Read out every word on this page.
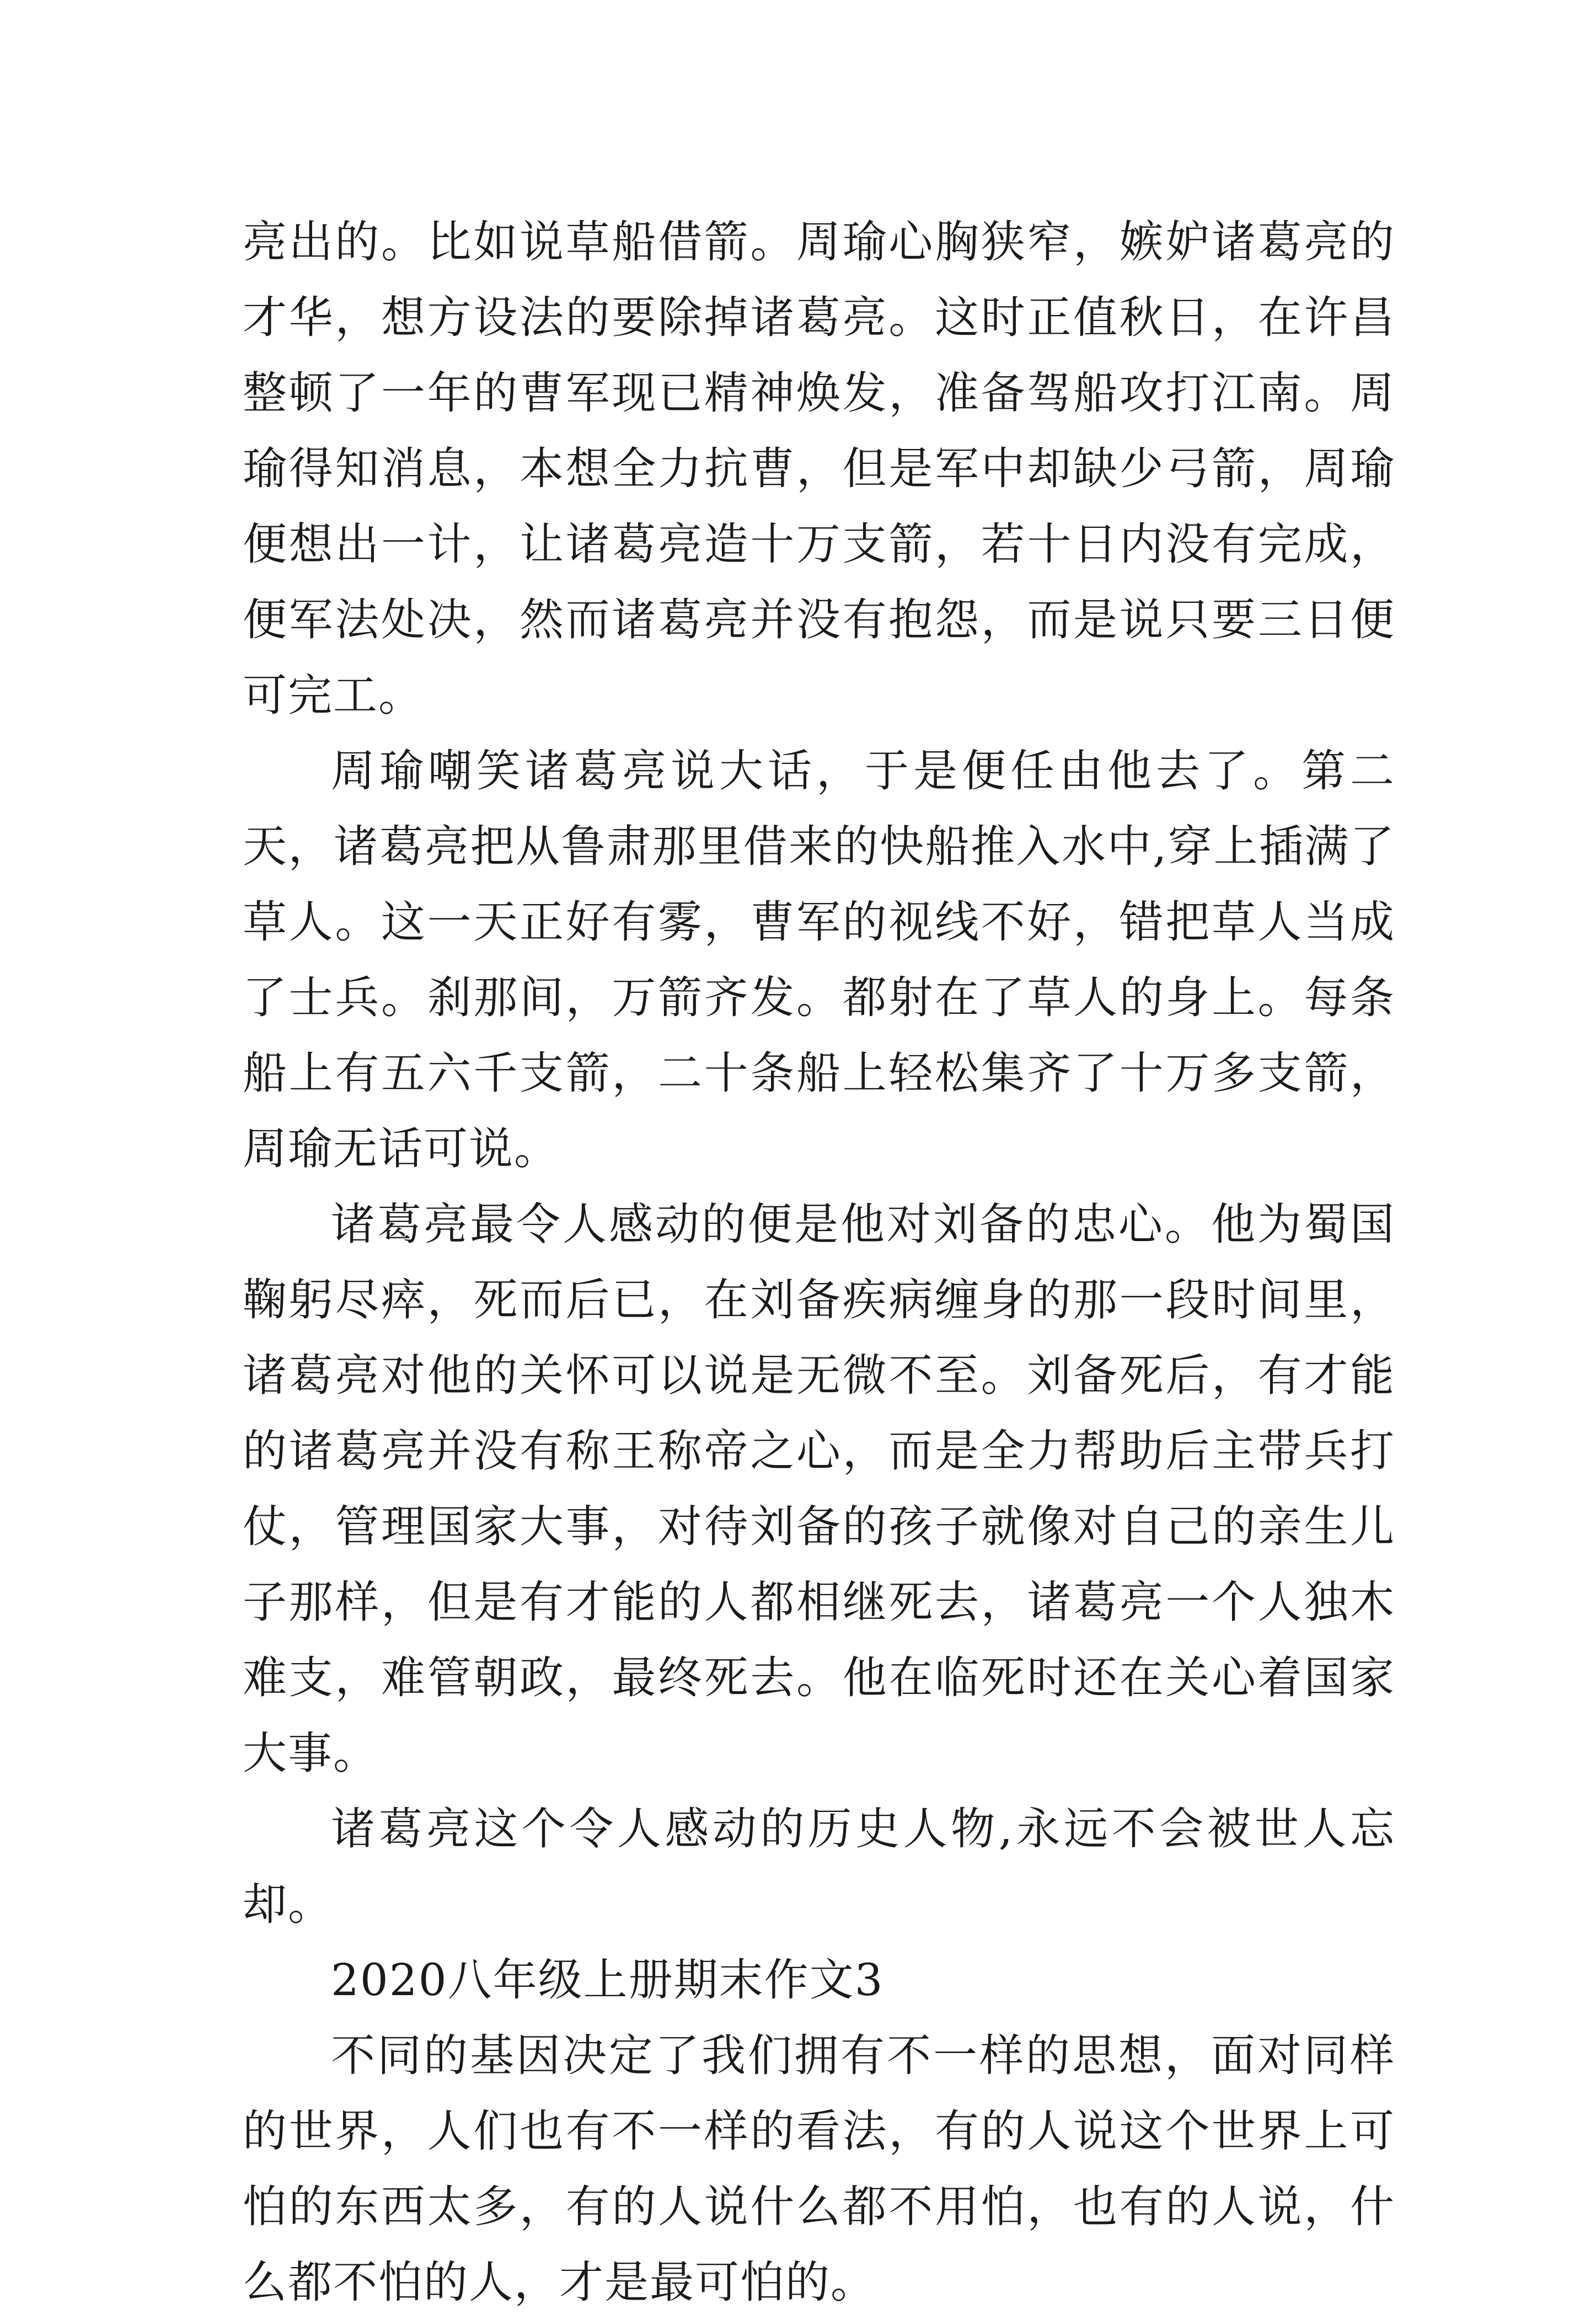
亮出的。比如说草船借箭。周瑜心胸狭窄，嫉妒诸葛亮的才华，想方设法的要除掉诸葛亮。这时正值秋日，在许昌整顿了一年的曹军现已精神焕发，准备驾船攻打江南。周瑜得知消息，本想全力抗曹，但是军中却缺少弓箭，周瑜便想出一计，让诸葛亮造十万支箭，若十日内没有完成，便军法处决，然而诸葛亮并没有抱怨，而是说只要三日便可完工。

周瑜嘲笑诸葛亮说大话，于是便任由他去了。第二天，诸葛亮把从鲁肃那里借来的快船推入水中,穿上插满了草人。这一天正好有雾，曹军的视线不好，错把草人当成了士兵。刹那间，万箭齐发。都射在了草人的身上。每条船上有五六千支箭，二十条船上轻松集齐了十万多支箭，周瑜无话可说。

诸葛亮最令人感动的便是他对刘备的忠心。他为蜀国鞠躬尽瘁，死而后已，在刘备疾病缠身的那一段时间里，诸葛亮对他的关怀可以说是无微不至。刘备死后，有才能的诸葛亮并没有称王称帝之心，而是全力帮助后主带兵打仗，管理国家大事，对待刘备的孩子就像对自己的亲生儿子那样，但是有才能的人都相继死去，诸葛亮一个人独木难支，难管朝政，最终死去。他在临死时还在关心着国家大事。

诸葛亮这个令人感动的历史人物,永远不会被世人忘却。

2020八年级上册期末作文3

不同的基因决定了我们拥有不一样的思想，面对同样的世界，人们也有不一样的看法，有的人说这个世界上可怕的东西太多，有的人说什么都不用怕，也有的人说，什么都不怕的人，才是最可怕的。
